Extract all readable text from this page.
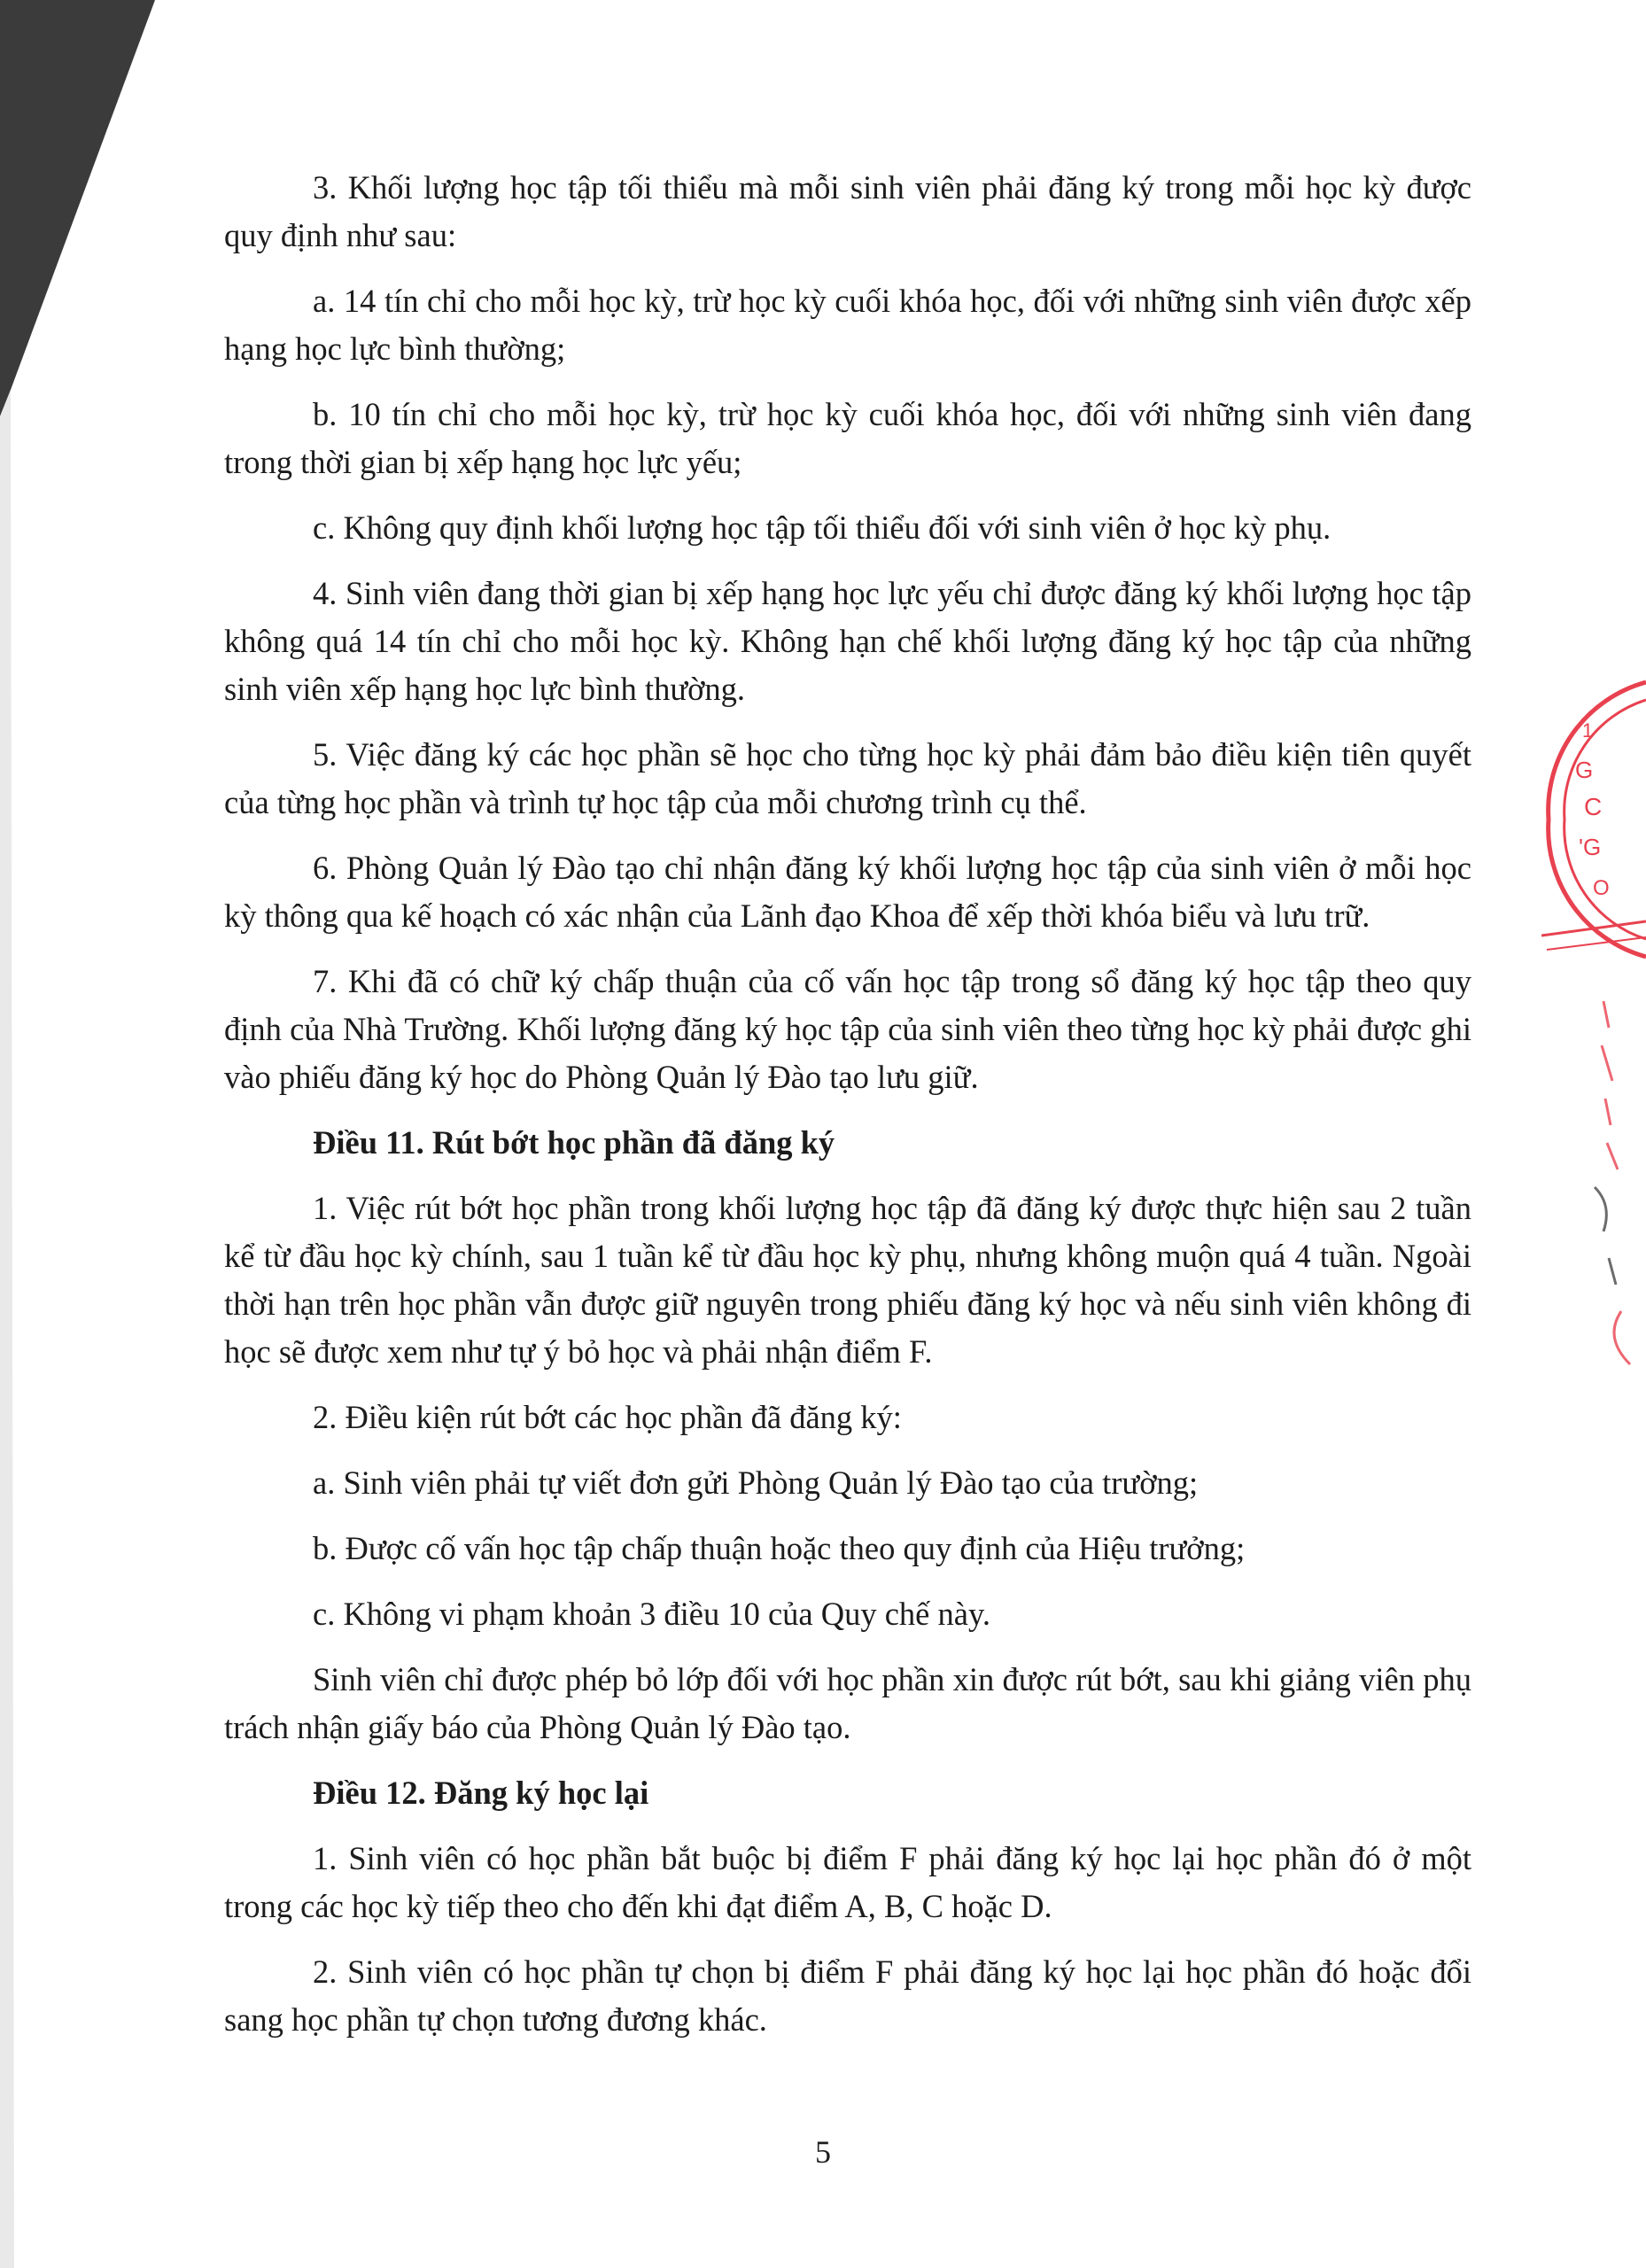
3. Khối lượng học tập tối thiểu mà mỗi sinh viên phải đăng ký trong mỗi học kỳ được quy định như sau:

a. 14 tín chỉ cho mỗi học kỳ, trừ học kỳ cuối khóa học, đối với những sinh viên được xếp hạng học lực bình thường;

b. 10 tín chỉ cho mỗi học kỳ, trừ học kỳ cuối khóa học, đối với những sinh viên đang trong thời gian bị xếp hạng học lực yếu;

c. Không quy định khối lượng học tập tối thiểu đối với sinh viên ở học kỳ phụ.

4. Sinh viên đang thời gian bị xếp hạng học lực yếu chỉ được đăng ký khối lượng học tập không quá 14 tín chỉ cho mỗi học kỳ. Không hạn chế khối lượng đăng ký học tập của những sinh viên xếp hạng học lực bình thường.

5. Việc đăng ký các học phần sẽ học cho từng học kỳ phải đảm bảo điều kiện tiên quyết của từng học phần và trình tự học tập của mỗi chương trình cụ thể.

6. Phòng Quản lý Đào tạo chỉ nhận đăng ký khối lượng học tập của sinh viên ở mỗi học kỳ thông qua kế hoạch có xác nhận của Lãnh đạo Khoa để xếp thời khóa biểu và lưu trữ.

7. Khi đã có chữ ký chấp thuận của cố vấn học tập trong sổ đăng ký học tập theo quy định của Nhà Trường. Khối lượng đăng ký học tập của sinh viên theo từng học kỳ phải được ghi vào phiếu đăng ký học do Phòng Quản lý Đào tạo lưu giữ.

Điều 11. Rút bớt học phần đã đăng ký

1. Việc rút bớt học phần trong khối lượng học tập đã đăng ký được thực hiện sau 2 tuần kể từ đầu học kỳ chính, sau 1 tuần kể từ đầu học kỳ phụ, nhưng không muộn quá 4 tuần. Ngoài thời hạn trên học phần vẫn được giữ nguyên trong phiếu đăng ký học và nếu sinh viên không đi học sẽ được xem như tự ý bỏ học và phải nhận điểm F.

2. Điều kiện rút bớt các học phần đã đăng ký:

a. Sinh viên phải tự viết đơn gửi Phòng Quản lý Đào tạo của trường;

b. Được cố vấn học tập chấp thuận hoặc theo quy định của Hiệu trưởng;

c. Không vi phạm khoản 3 điều 10 của Quy chế này.

Sinh viên chỉ được phép bỏ lớp đối với học phần xin được rút bớt, sau khi giảng viên phụ trách nhận giấy báo của Phòng Quản lý Đào tạo.

Điều 12. Đăng ký học lại

1. Sinh viên có học phần bắt buộc bị điểm F phải đăng ký học lại học phần đó ở một trong các học kỳ tiếp theo cho đến khi đạt điểm A, B, C hoặc D.

2. Sinh viên có học phần tự chọn bị điểm F phải đăng ký học lại học phần đó hoặc đổi sang học phần tự chọn tương đương khác.

5
1
G
C
'G
O
